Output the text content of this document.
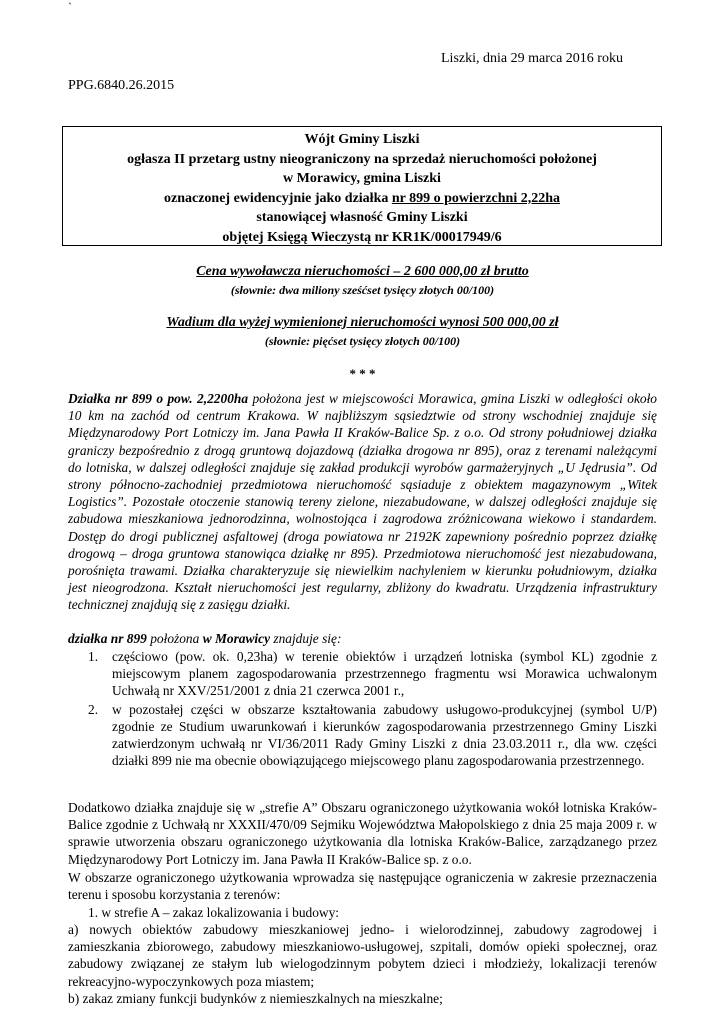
`
Liszki, dnia 29 marca 2016 roku
PPG.6840.26.2015
Wójt Gminy Liszki
ogłasza II przetarg ustny nieograniczony na sprzedaż nieruchomości położonej
w Morawicy, gmina Liszki
oznaczonej ewidencyjnie jako działka nr 899 o powierzchni 2,22ha
stanowiącej własność Gminy Liszki
objętej Księgą Wieczystą nr KR1K/00017949/6
Cena wywoławcza nieruchomości – 2 600 000,00 zł brutto
(słownie: dwa miliony sześćset tysięcy złotych 00/100)
Wadium dla wyżej wymienionej nieruchomości wynosi 500 000,00 zł
(słownie: pięćset tysięcy złotych 00/100)
* * *
Działka nr 899 o pow. 2,2200ha położona jest w miejscowości Morawica, gmina Liszki w odległości około 10 km na zachód od centrum Krakowa. W najbliższym sąsiedztwie od strony wschodniej znajduje się Międzynarodowy Port Lotniczy im. Jana Pawła II Kraków-Balice Sp. z o.o. Od strony południowej działka graniczy bezpośrednio z drogą gruntową dojazdową (działka drogowa nr 895), oraz z terenami należącymi do lotniska, w dalszej odległości znajduje się zakład produkcji wyrobów garmażeryjnych „U Jędrusia”. Od strony północno-zachodniej przedmiotowa nieruchomość sąsiaduje z obiektem magazynowym „Witek Logistics”. Pozostałe otoczenie stanowią tereny zielone, niezabudowane, w dalszej odległości znajduje się zabudowa mieszkaniowa jednorodzinna, wolnostojąca i zagrodowa zróżnicowana wiekowo i standardem. Dostęp do drogi publicznej asfaltowej (droga powiatowa nr 2192K zapewniony pośrednio poprzez działkę drogową – droga gruntowa stanowiąca działkę nr 895). Przedmiotowa nieruchomość jest niezabudowana, porośnięta trawami. Działka charakteryzuje się niewielkim nachyleniem w kierunku południowym, działka jest nieogrodzona. Kształt nieruchomości jest regularny, zbliżony do kwadratu. Urządzenia infrastruktury technicznej znajdują się z zasięgu działki.
działka nr 899 położona w Morawicy znajduje się:
1. częściowo (pow. ok. 0,23ha) w terenie obiektów i urządzeń lotniska (symbol KL) zgodnie z miejscowym planem zagospodarowania przestrzennego fragmentu wsi Morawica uchwalonym Uchwałą nr XXV/251/2001 z dnia 21 czerwca 2001 r.,
2. w pozostałej części w obszarze kształtowania zabudowy usługowo-produkcyjnej (symbol U/P) zgodnie ze Studium uwarunkowań i kierunków zagospodarowania przestrzennego Gminy Liszki zatwierdzonym uchwałą nr VI/36/2011 Rady Gminy Liszki z dnia 23.03.2011 r., dla ww. części działki 899 nie ma obecnie obowiązującego miejscowego planu zagospodarowania przestrzennego.
Dodatkowo działka znajduje się w „strefie A” Obszaru ograniczonego użytkowania wokół lotniska Kraków-Balice zgodnie z Uchwałą nr XXXII/470/09 Sejmiku Województwa Małopolskiego z dnia 25 maja 2009 r. w sprawie utworzenia obszaru ograniczonego użytkowania dla lotniska Kraków-Balice, zarządzanego przez Międzynarodowy Port Lotniczy im. Jana Pawła II Kraków-Balice sp. z o.o.
W obszarze ograniczonego użytkowania wprowadza się następujące ograniczenia w zakresie przeznaczenia terenu i sposobu korzystania z terenów:
1. w strefie A – zakaz lokalizowania i budowy:
a) nowych obiektów zabudowy mieszkaniowej jedno- i wielorodzinnej, zabudowy zagrodowej i zamieszkania zbiorowego, zabudowy mieszkaniowo-usługowej, szpitali, domów opieki społecznej, oraz zabudowy związanej ze stałym lub wielogodzinnym pobytem dzieci i młodzieży, lokalizacji terenów rekreacyjno-wypoczynkowych poza miastem;
b) zakaz zmiany funkcji budynków z niemieszkalnych na mieszkalne;
